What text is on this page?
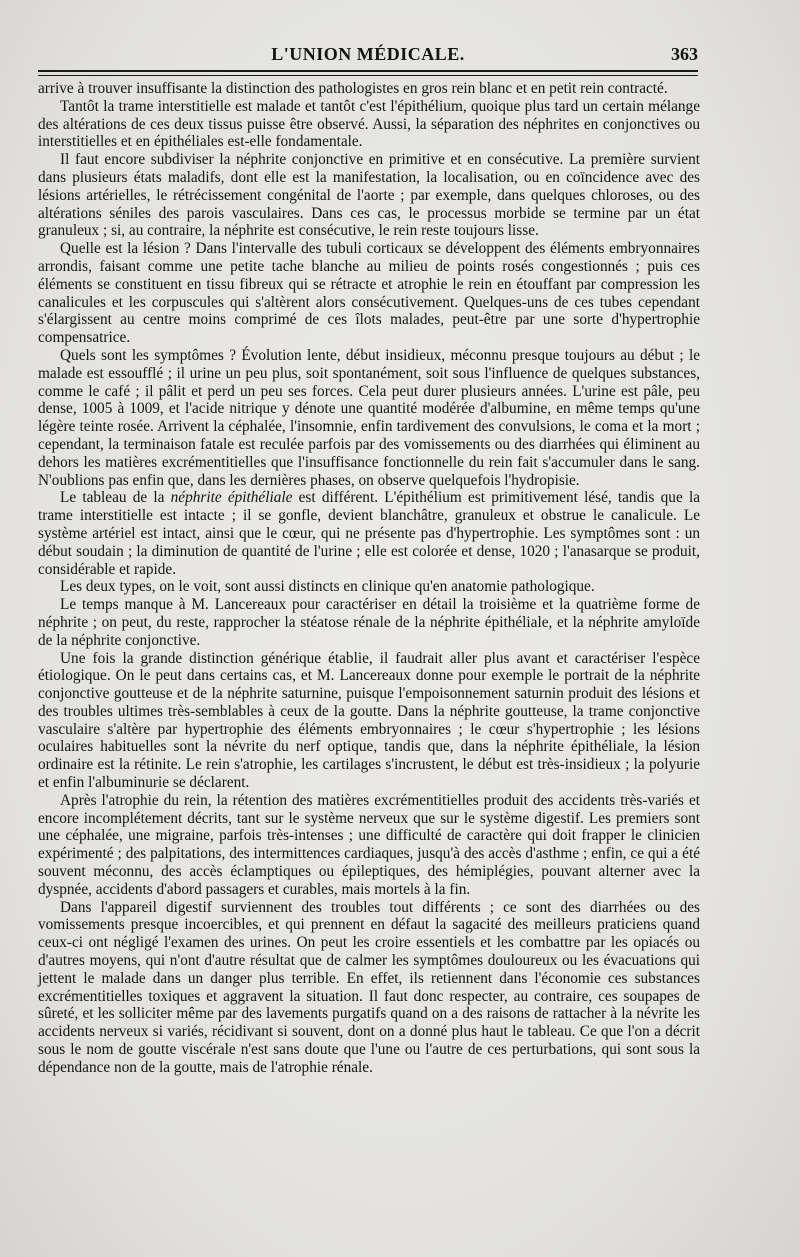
L'UNION MÉDICALE.	363

arrive à trouver insuffisante la distinction des pathologistes en gros rein blanc et en petit rein contracté.

Tantôt la trame interstitielle est malade et tantôt c'est l'épithélium, quoique plus tard un certain mélange des altérations de ces deux tissus puisse être observé. Aussi, la séparation des néphrites en conjonctives ou interstitielles et en épithéliales est-elle fondamentale.

Il faut encore subdiviser la néphrite conjonctive en primitive et en consécutive. La première survient dans plusieurs états maladifs, dont elle est la manifestation, la localisation, ou en coïncidence avec des lésions artérielles, le rétrécissement congénital de l'aorte ; par exemple, dans quelques chloroses, ou des altérations séniles des parois vasculaires. Dans ces cas, le processus morbide se termine par un état granuleux ; si, au contraire, la néphrite est consécutive, le rein reste toujours lisse.

Quelle est la lésion ? Dans l'intervalle des tubuli corticaux se développent des éléments embryonnaires arrondis, faisant comme une petite tache blanche au milieu de points rosés congestionnés ; puis ces éléments se constituent en tissu fibreux qui se rétracte et atrophie le rein en étouffant par compression les canalicules et les corpuscules qui s'altèrent alors consécutivement. Quelques-uns de ces tubes cependant s'élargissent au centre moins comprimé de ces îlots malades, peut-être par une sorte d'hypertrophie compensatrice.

Quels sont les symptômes ? Évolution lente, début insidieux, méconnu presque toujours au début ; le malade est essoufflé ; il urine un peu plus, soit spontanément, soit sous l'influence de quelques substances, comme le café ; il pâlit et perd un peu ses forces. Cela peut durer plusieurs années. L'urine est pâle, peu dense, 1005 à 1009, et l'acide nitrique y dénote une quantité modérée d'albumine, en même temps qu'une légère teinte rosée. Arrivent la céphalée, l'insomnie, enfin tardivement des convulsions, le coma et la mort ; cependant, la terminaison fatale est reculée parfois par des vomissements ou des diarrhées qui éliminent au dehors les matières excrémentitielles que l'insuffisance fonctionnelle du rein fait s'accumuler dans le sang. N'oublions pas enfin que, dans les dernières phases, on observe quelquefois l'hydropisie.

Le tableau de la néphrite épithéliale est différent. L'épithélium est primitivement lésé, tandis que la trame interstitielle est intacte ; il se gonfle, devient blanchâtre, granuleux et obstrue le canalicule. Le système artériel est intact, ainsi que le cœur, qui ne présente pas d'hypertrophie. Les symptômes sont : un début soudain ; la diminution de quantité de l'urine ; elle est colorée et dense, 1020 ; l'anasarque se produit, considérable et rapide.

Les deux types, on le voit, sont aussi distincts en clinique qu'en anatomie pathologique.

Le temps manque à M. Lancereaux pour caractériser en détail la troisième et la quatrième forme de néphrite ; on peut, du reste, rapprocher la stéatose rénale de la néphrite épithéliale, et la néphrite amyloïde de la néphrite conjonctive.

Une fois la grande distinction générique établie, il faudrait aller plus avant et caractériser l'espèce étiologique. On le peut dans certains cas, et M. Lancereaux donne pour exemple le portrait de la néphrite conjonctive goutteuse et de la néphrite saturnine, puisque l'empoisonnement saturnin produit des lésions et des troubles ultimes très-semblables à ceux de la goutte. Dans la néphrite goutteuse, la trame conjonctive vasculaire s'altère par hypertrophie des éléments embryonnaires ; le cœur s'hypertrophie ; les lésions oculaires habituelles sont la névrite du nerf optique, tandis que, dans la néphrite épithéliale, la lésion ordinaire est la rétinite. Le rein s'atrophie, les cartilages s'incrustent, le début est très-insidieux ; la polyurie et enfin l'albuminurie se déclarent.

Après l'atrophie du rein, la rétention des matières excrémentitielles produit des accidents très-variés et encore incomplétement décrits, tant sur le système nerveux que sur le système digestif. Les premiers sont une céphalée, une migraine, parfois très-intenses ; une difficulté de caractère qui doit frapper le clinicien expérimenté ; des palpitations, des intermittences cardiaques, jusqu'à des accès d'asthme ; enfin, ce qui a été souvent méconnu, des accès éclamptiques ou épileptiques, des hémiplégies, pouvant alterner avec la dyspnée, accidents d'abord passagers et curables, mais mortels à la fin.

Dans l'appareil digestif surviennent des troubles tout différents ; ce sont des diarrhées ou des vomissements presque incoercibles, et qui prennent en défaut la sagacité des meilleurs praticiens quand ceux-ci ont négligé l'examen des urines. On peut les croire essentiels et les combattre par les opiacés ou d'autres moyens, qui n'ont d'autre résultat que de calmer les symptômes douloureux ou les évacuations qui jettent le malade dans un danger plus terrible. En effet, ils retiennent dans l'économie ces substances excrémentitielles toxiques et aggravent la situation. Il faut donc respecter, au contraire, ces soupapes de sûreté, et les solliciter même par des lavements purgatifs quand on a des raisons de rattacher à la névrite les accidents nerveux si variés, récidivant si souvent, dont on a donné plus haut le tableau. Ce que l'on a décrit sous le nom de goutte viscérale n'est sans doute que l'une ou l'autre de ces perturbations, qui sont sous la dépendance non de la goutte, mais de l'atrophie rénale.
